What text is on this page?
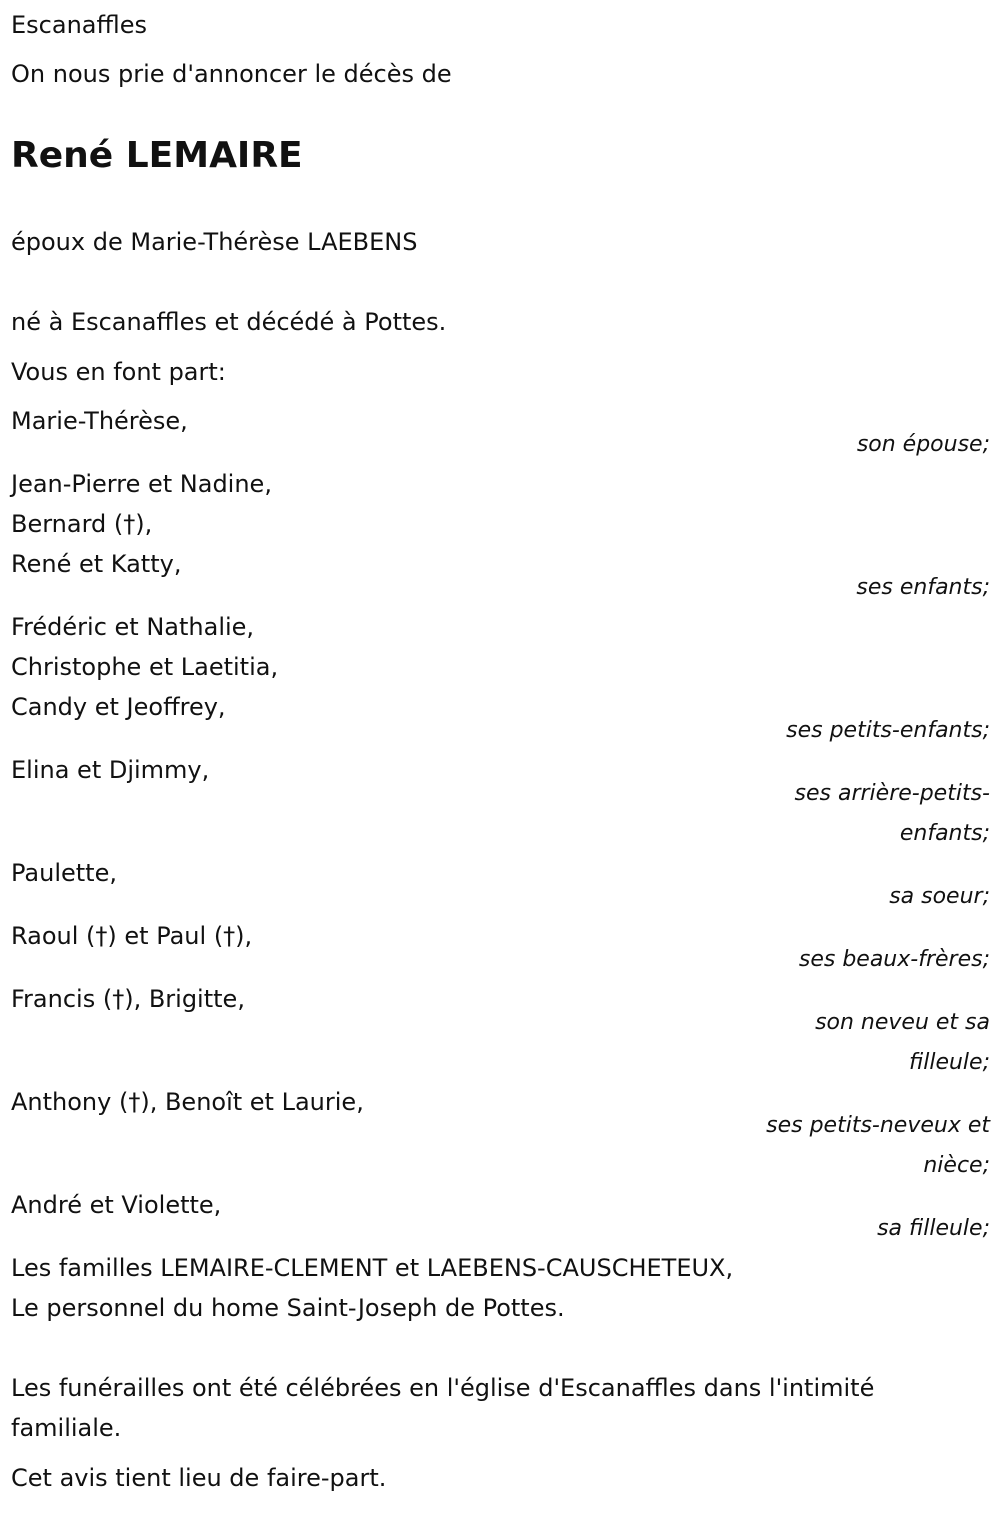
Escanaffles
On nous prie d'annoncer le décès de
René LEMAIRE
époux de Marie-Thérèse LAEBENS
né à Escanaffles et décédé à Pottes.
Vous en font part:
Marie-Thérèse,
son épouse;
Jean-Pierre et Nadine,
Bernard (†),
René et Katty,
ses enfants;
Frédéric et Nathalie,
Christophe et Laetitia,
Candy et Jeoffrey,
ses petits-enfants;
Elina et Djimmy,
ses arrière-petits-
enfants;
Paulette,
sa soeur;
Raoul (†) et Paul (†),
ses beaux-frères;
Francis (†), Brigitte,
son neveu et sa
filleule;
Anthony (†), Benoît et Laurie,
ses petits-neveux et
nièce;
André et Violette,
sa filleule;
Les familles LEMAIRE-CLEMENT et LAEBENS-CAUSCHETEUX,
Le personnel du home Saint-Joseph de Pottes.
Les funérailles ont été célébrées en l'église d'Escanaffles dans l'intimité
familiale.
Cet avis tient lieu de faire-part.
